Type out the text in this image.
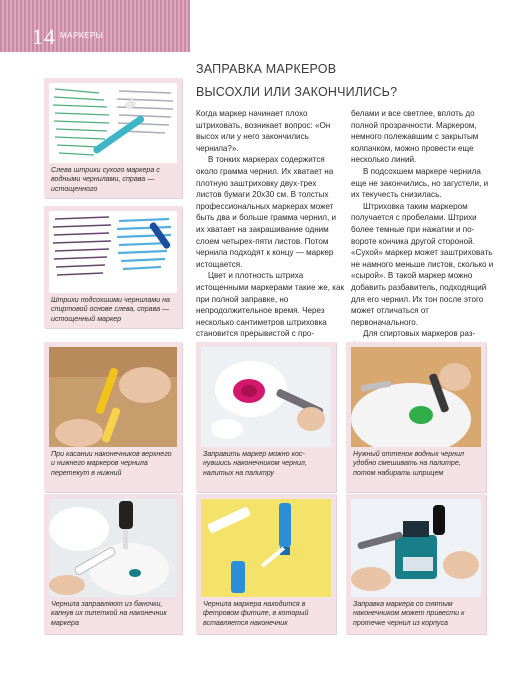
14 МАРКЕРЫ
ЗАПРАВКА МАРКЕРОВ
ВЫСОХЛИ ИЛИ ЗАКОНЧИЛИСЬ?

Когда маркер начинает плохо штриховать, возникает вопрос: «Он высох или у него закончились чернила?».

В тонких маркерах содержится около грамма чернил. Их хватает на плотную заштриховку двух-трех листов бумаги 20х30 см. В толстых профессиональных маркерах может быть два и больше грамма чернил, и их хватает на закрашивание одним слоем четырех-пяти листов. Потом чернила подходят к концу — маркер истощается.

Цвет и плотность штриха истощенными маркерами такие же, как при полной заправке, но непродолжительное время. Через несколько сантиметров штриховка становится прерывистой с про-

белами и все светлее, вплоть до полной прозрачности. Маркером, немного полежавшим с закрытым колпачком, можно провести еще несколько линий.

В подсохшем маркере чернила еще не закончились, но загустели, и их текучесть снизилась.

Штриховка таким маркером получается с пробелами. Штрихи более темные при нажатии и повороте кончика другой стороной. «Сухой» маркер может заштриховать не намного меньше листов, сколько и «сырой». В такой маркер можно добавить разбавитель, подходящий для его чернил. Их тон после этого может отличаться от первоначального.

Для спиртовых маркеров раз

Слева штрихи сухого маркера с водными чернилами, справа — истощенного
Штрихи подсохшими чернилами на спиртовой основе слева, справа — истощенный маркер
При касании наконечников верхнего и нижнего маркеров чернила перетекут в нижний
Заправить маркер можно коснувшись наконечником чернил, налитых на палитру
Нужный оттенок водных чернил удобно смешивать на палитре, потом набирать шприцем
Чернила заправляют из баночки, капнув их пипеткой на наконечник маркера
Чернила маркера находится в фетровом фитиле, в который вставляется наконечник
Заправка маркера со снятым наконечником может привести к протечке чернил из корпуса
